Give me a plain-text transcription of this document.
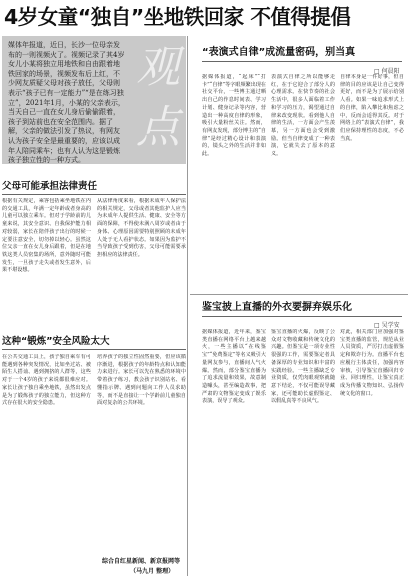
4岁女童“独自”坐地铁回家 不值得提倡
媒体年报道，近日，长沙一位母亲发布的一则视频火了。视频记录了其4岁女儿小某将独立用地铁和自由跟着地铁回家的场景，视频发布后上红，不少网友质疑父母对孩子放任，父母则表示“孩子已有一定能力”“是在练习独立”，2021年1月，小某的父亲表示，当天自己一直在女儿身后偷偷跟着，孩子到站前也在安全范围内。据了解，父亲的做法引发了热议，有网友认为孩子安全是最重要的，应该以成年人陪同乘车；也有人认为这是锻炼孩子独立性的一种方式。
观点
父母可能承担法律责任
根据有关规定，乘客包括乘坐地铁在内的交通工具，年满一定年龄或者身高的儿童可以独立乘车。但对于学龄前的儿童来说，其安全意识、自我保护能力相对较弱，家长在陪伴孩子出行的时候一定要注意安全，切勿掉以轻心。虽然这位父亲一直在女儿身后跟着，但是在地铁这类人员密集的场所，意外随时可能发生，一旦孩子走失或者发生意外，后果不堪设想。
从法律角度来看，根据未成年人保护法的相关规定，父母或者其他监护人应当为未成年人提供生活、健康、安全等方面的保障，不得使未满八周岁或者由于身体、心理原因需要特别照顾的未成年人处于无人看护状态。如果因为监护不当导致孩子受到伤害，父母可能需要承担相应的法律责任。
这种“锻炼”安全风险太大
在公共交通工具上，孩子独自乘车有可能遇到各种突发情况，比如坐过站、被陌生人搭讪、遇到拥挤的人群等，这些对于一个4岁的孩子来说都很难应对。家长让孩子独自乘坐地铁，虽然出发点是为了锻炼孩子的独立能力，但这种方式存在很大的安全隐患。
培养孩子的独立性固然重要，但应该循序渐进，根据孩子的年龄特点和认知能力来进行。家长可以先在熟悉的环境中带着孩子练习，教会孩子识别站名、看懂指示牌、遇到问题向工作人员求助等，而不是直接让一个学龄前儿童独自面对复杂的公共环境。
综合自红星新闻、新京报网等
（马九月 整理）
“表演式自律”成流量密码，别当真
□ 何晨阳
据媒体报道，“起床”“打卡”“自律”等字眼频繁出现在社交平台，一些博主通过晒出自己的作息时间表、学习计划、健身记录等内容，营造出一种高度自律的形象，吸引大量粉丝关注。然而，有网友发现，部分博主的“自律”是经过精心设计和表演的，镜头之外的生活并非如此。
表演式自律之所以能够走红，在于它迎合了部分人的心理需求。在快节奏的社会生活中，很多人面临着工作和学习的压力，渴望通过自律来改变现状。看到他人自律的生活，一方面会产生羡慕，另一方面也会受到激励。但当自律变成了一种表演，它就失去了原本的意义。
自律本身是一件好事，但自律的目的应该是让自己变得更好，而不是为了展示给别人看。如果一味追求形式上的自律，陷入攀比和焦虑之中，反而会适得其反。对于网络上的“表演式自律”，我们应保持理性的态度，不必当真。
鉴宝披上直播的外衣要摒弃娱乐化
□ 吴学安
据媒体报道，近年来，鉴宝类直播在网络平台上越来越火，一些主播以“在线鉴宝”“免费鉴定”等名义吸引大量网友参与，直播间人气火爆。然而，部分鉴宝直播为了追求流量和效果，故意制造噱头，甚至编造故事，把严肃的文物鉴定变成了娱乐表演，误导了观众。
鉴宝直播的火爆，反映了公众对文物收藏和传统文化的兴趣。但鉴宝是一项专业性很强的工作，需要鉴定者具备深厚的专业知识和丰富的实践经验。一些主播缺乏专业资质，仅凭肉眼观察就随意下结论，不仅可能误导藏家，还可能助长虚假鉴定、以假乱真等不良风气。
对此，相关部门应加强对鉴宝类直播的监管，规范从业人员资质，严厉打击虚假鉴定和欺诈行为。直播平台也应履行主体责任，加强内容审核，引导鉴宝直播回归专业、回归理性，让鉴宝真正成为传播文物知识、弘扬传统文化的窗口。
